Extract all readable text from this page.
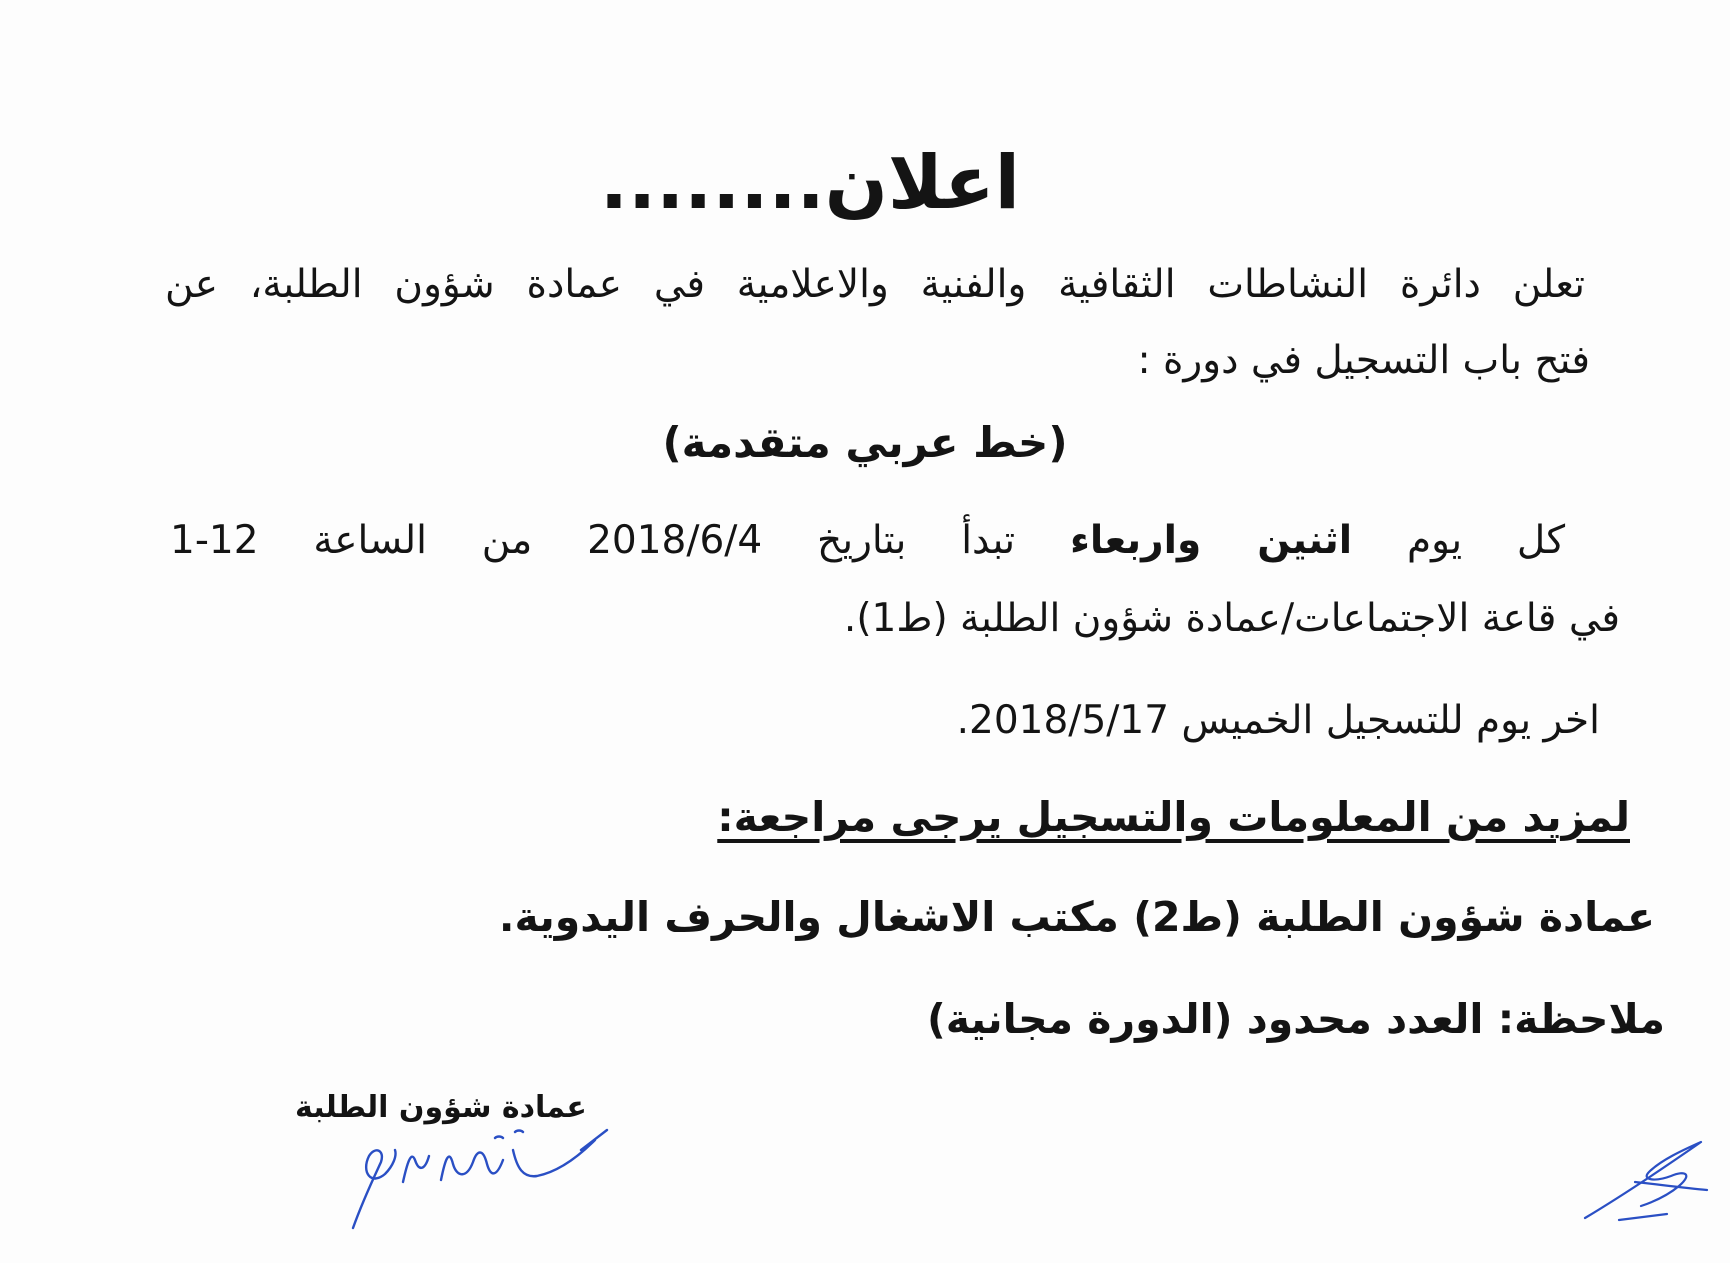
اعلان........
تعلن دائرة النشاطات الثقافية والفنية والاعلامية في عمادة شؤون الطلبة، عن
فتح باب التسجيل في دورة :
(خط عربي متقدمة)
كل يوم اثنين واربعاء تبدأ بتاريخ 2018/6/4 من الساعة 12-1
في قاعة الاجتماعات/عمادة شؤون الطلبة (ط1).
اخر يوم للتسجيل الخميس 2018/5/17.
لمزيد من المعلومات والتسجيل يرجى مراجعة:
عمادة شؤون الطلبة (ط2) مكتب الاشغال والحرف اليدوية.
ملاحظة: العدد محدود (الدورة مجانية)
عمادة شؤون الطلبة
